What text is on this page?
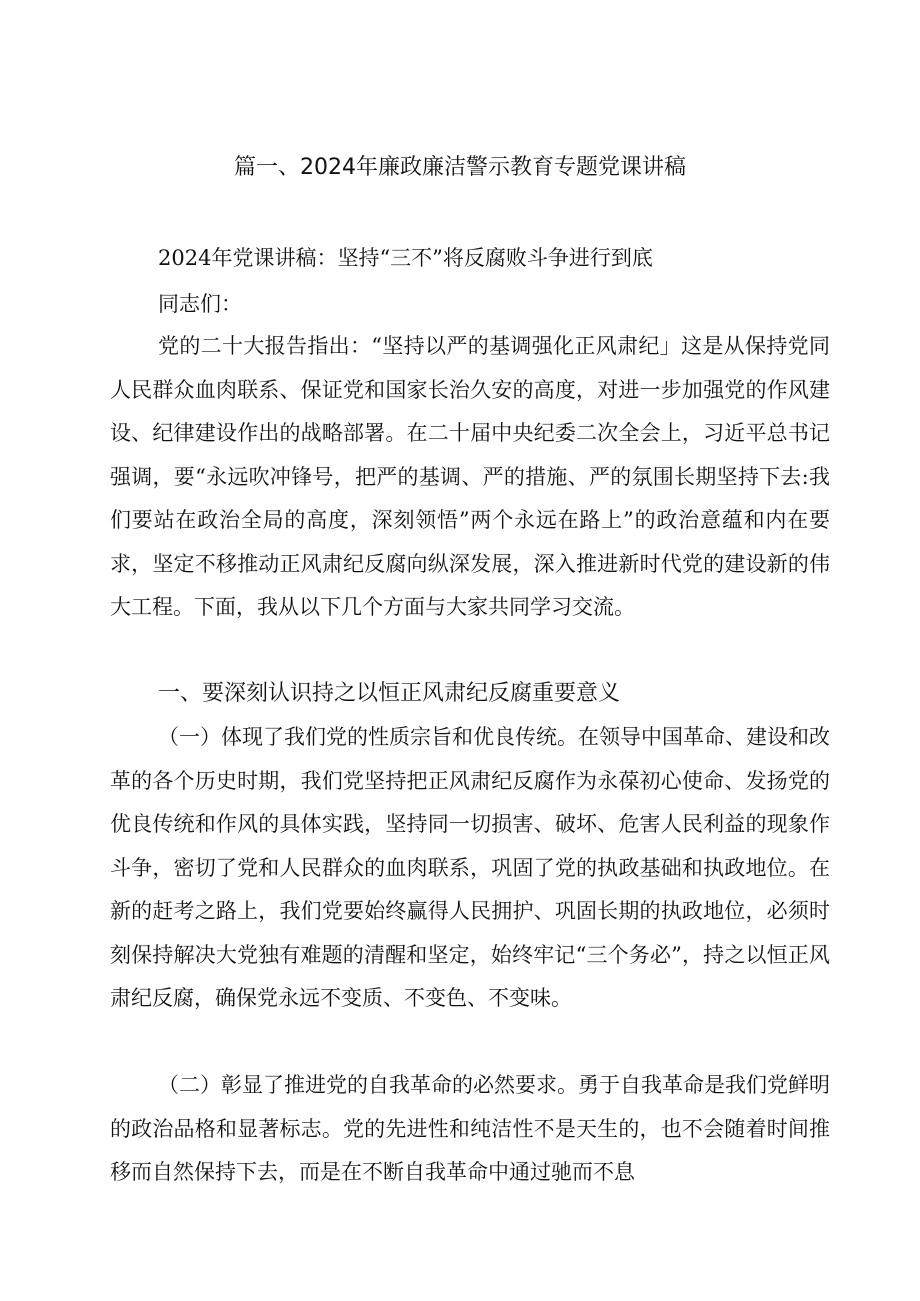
篇一、2024年廉政廉洁警示教育专题党课讲稿
2024年党课讲稿：坚持“三不”将反腐败斗争进行到底
同志们：

党的二十大报告指出：“坚持以严的基调强化正风肃纪」这是从保持党同人民群众血肉联系、保证党和国家长治久安的高度，对进一步加强党的作风建设、纪律建设作出的战略部署。在二十届中央纪委二次全会上，习近平总书记强调，要“永远吹冲锋号，把严的基调、严的措施、严的氛围长期坚持下去:我们要站在政治全局的高度，深刻领悟”两个永远在路上”的政治意蕴和内在要求，坚定不移推动正风肃纪反腐向纵深发展，深入推进新时代党的建设新的伟大工程。下面，我从以下几个方面与大家共同学习交流。

一、要深刻认识持之以恒正风肃纪反腐重要意义

（一）体现了我们党的性质宗旨和优良传统。在领导中国革命、建设和改革的各个历史时期，我们党坚持把正风肃纪反腐作为永葆初心使命、发扬党的优良传统和作风的具体实践，坚持同一切损害、破坏、危害人民利益的现象作斗争，密切了党和人民群众的血肉联系，巩固了党的执政基础和执政地位。在新的赶考之路上，我们党要始终赢得人民拥护、巩固长期的执政地位，必须时刻保持解决大党独有难题的清醒和坚定，始终牢记“三个务必”，持之以恒正风肃纪反腐，确保党永远不变质、不变色、不变味。

（二）彰显了推进党的自我革命的必然要求。勇于自我革命是我们党鲜明的政治品格和显著标志。党的先进性和纯洁性不是天生的，也不会随着时间推移而自然保持下去，而是在不断自我革命中通过驰而不息
